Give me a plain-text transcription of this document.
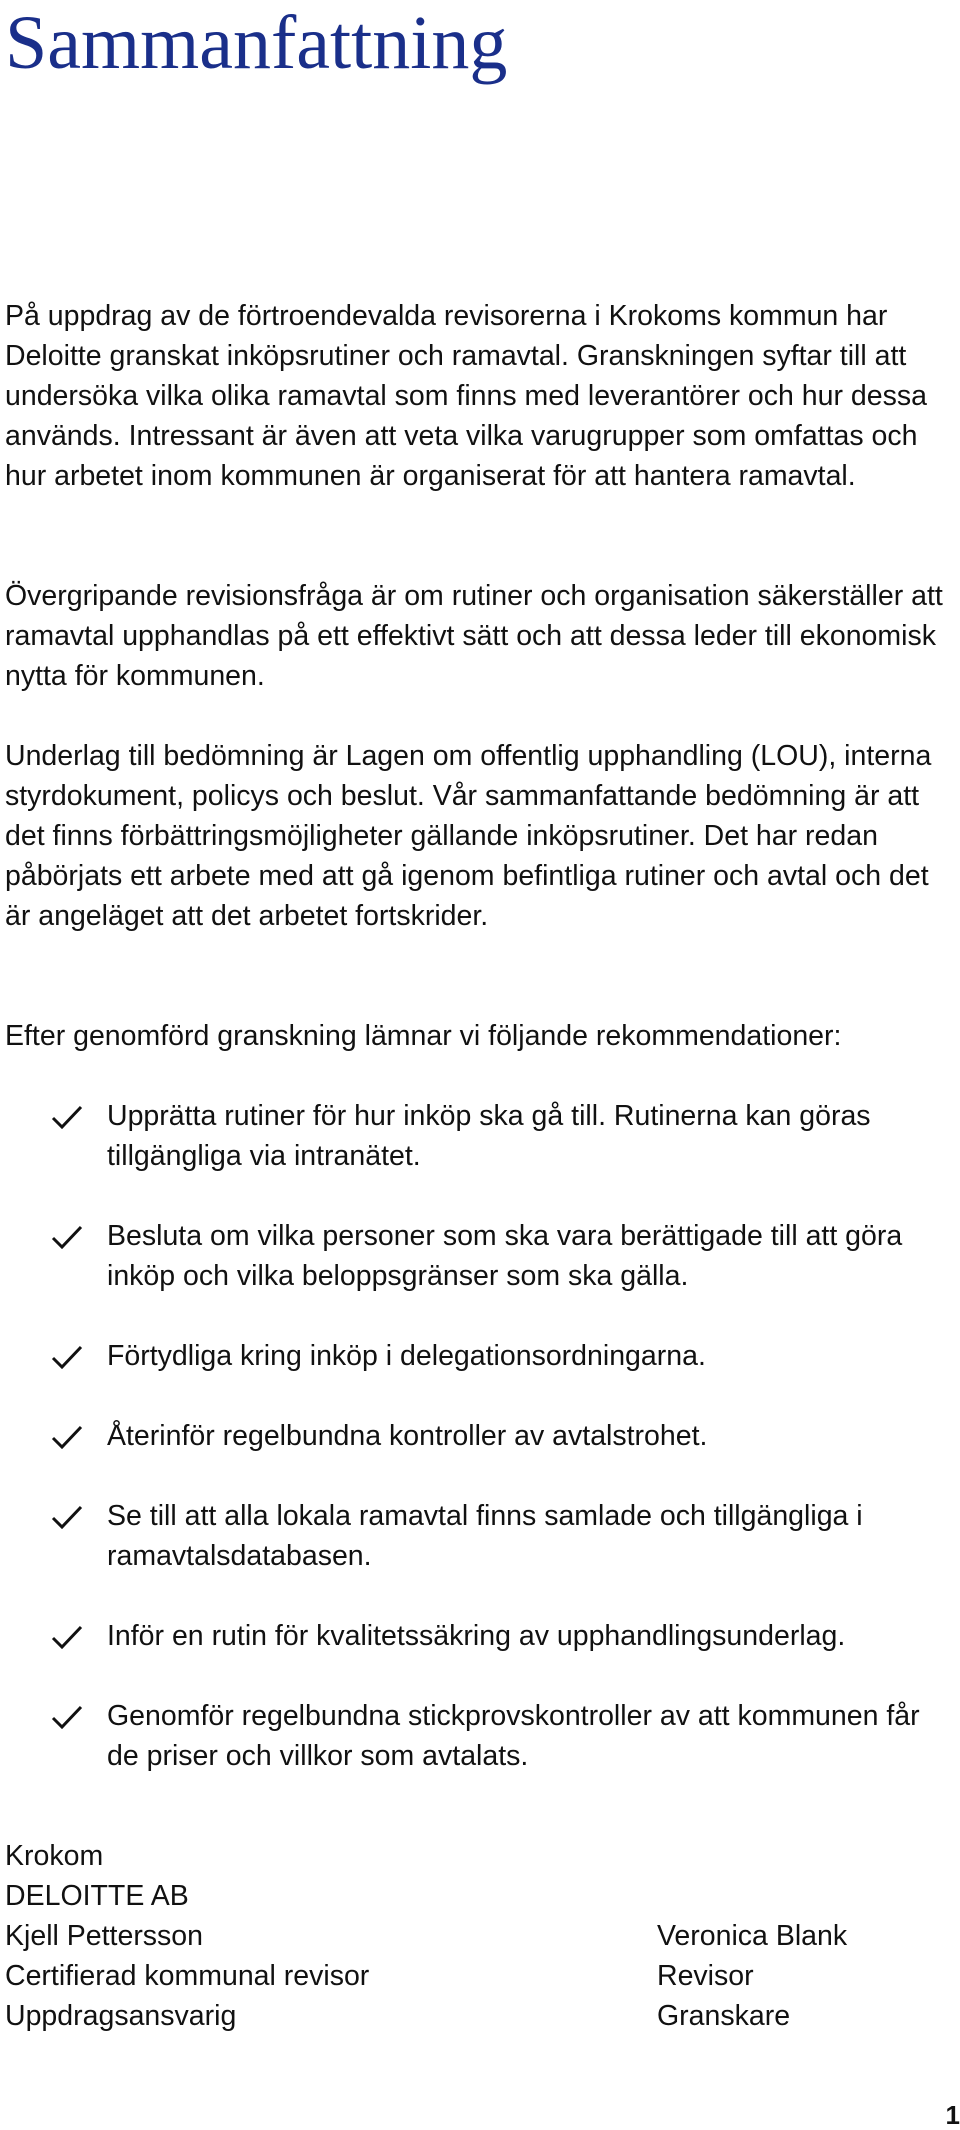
Sammanfattning

På uppdrag av de förtroendevalda revisorerna i Krokoms kommun har Deloitte granskat inköpsrutiner och ramavtal. Granskningen syftar till att undersöka vilka olika ramavtal som finns med leverantörer och hur dessa används. Intressant är även att veta vilka varugrupper som omfattas och hur arbetet inom kommunen är organiserat för att hantera ramavtal.

Övergripande revisionsfråga är om rutiner och organisation säkerställer att ramavtal upphandlas på ett effektivt sätt och att dessa leder till ekonomisk nytta för kommunen.

Underlag till bedömning är Lagen om offentlig upphandling (LOU), interna styrdokument, policys och beslut. Vår sammanfattande bedömning är att det finns förbättringsmöjligheter gällande inköpsrutiner. Det har redan påbörjats ett arbete med att gå igenom befintliga rutiner och avtal och det är angeläget att det arbetet fortskrider.

Efter genomförd granskning lämnar vi följande rekommendationer:

Upprätta rutiner för hur inköp ska gå till. Rutinerna kan göras tillgängliga via intranätet.
Besluta om vilka personer som ska vara berättigade till att göra inköp och vilka beloppsgränser som ska gälla.
Förtydliga kring inköp i delegationsordningarna.
Återinför regelbundna kontroller av avtalstrohet.
Se till att alla lokala ramavtal finns samlade och tillgängliga i ramavtalsdatabasen.
Inför en rutin för kvalitetssäkring av upphandlingsunderlag.
Genomför regelbundna stickprovskontroller av att kommunen får de priser och villkor som avtalats.
Krokom
DELOITTE AB
Kjell Pettersson
Certifierad kommunal revisor
Uppdragsansvarig
Veronica Blank
Revisor
Granskare
1
